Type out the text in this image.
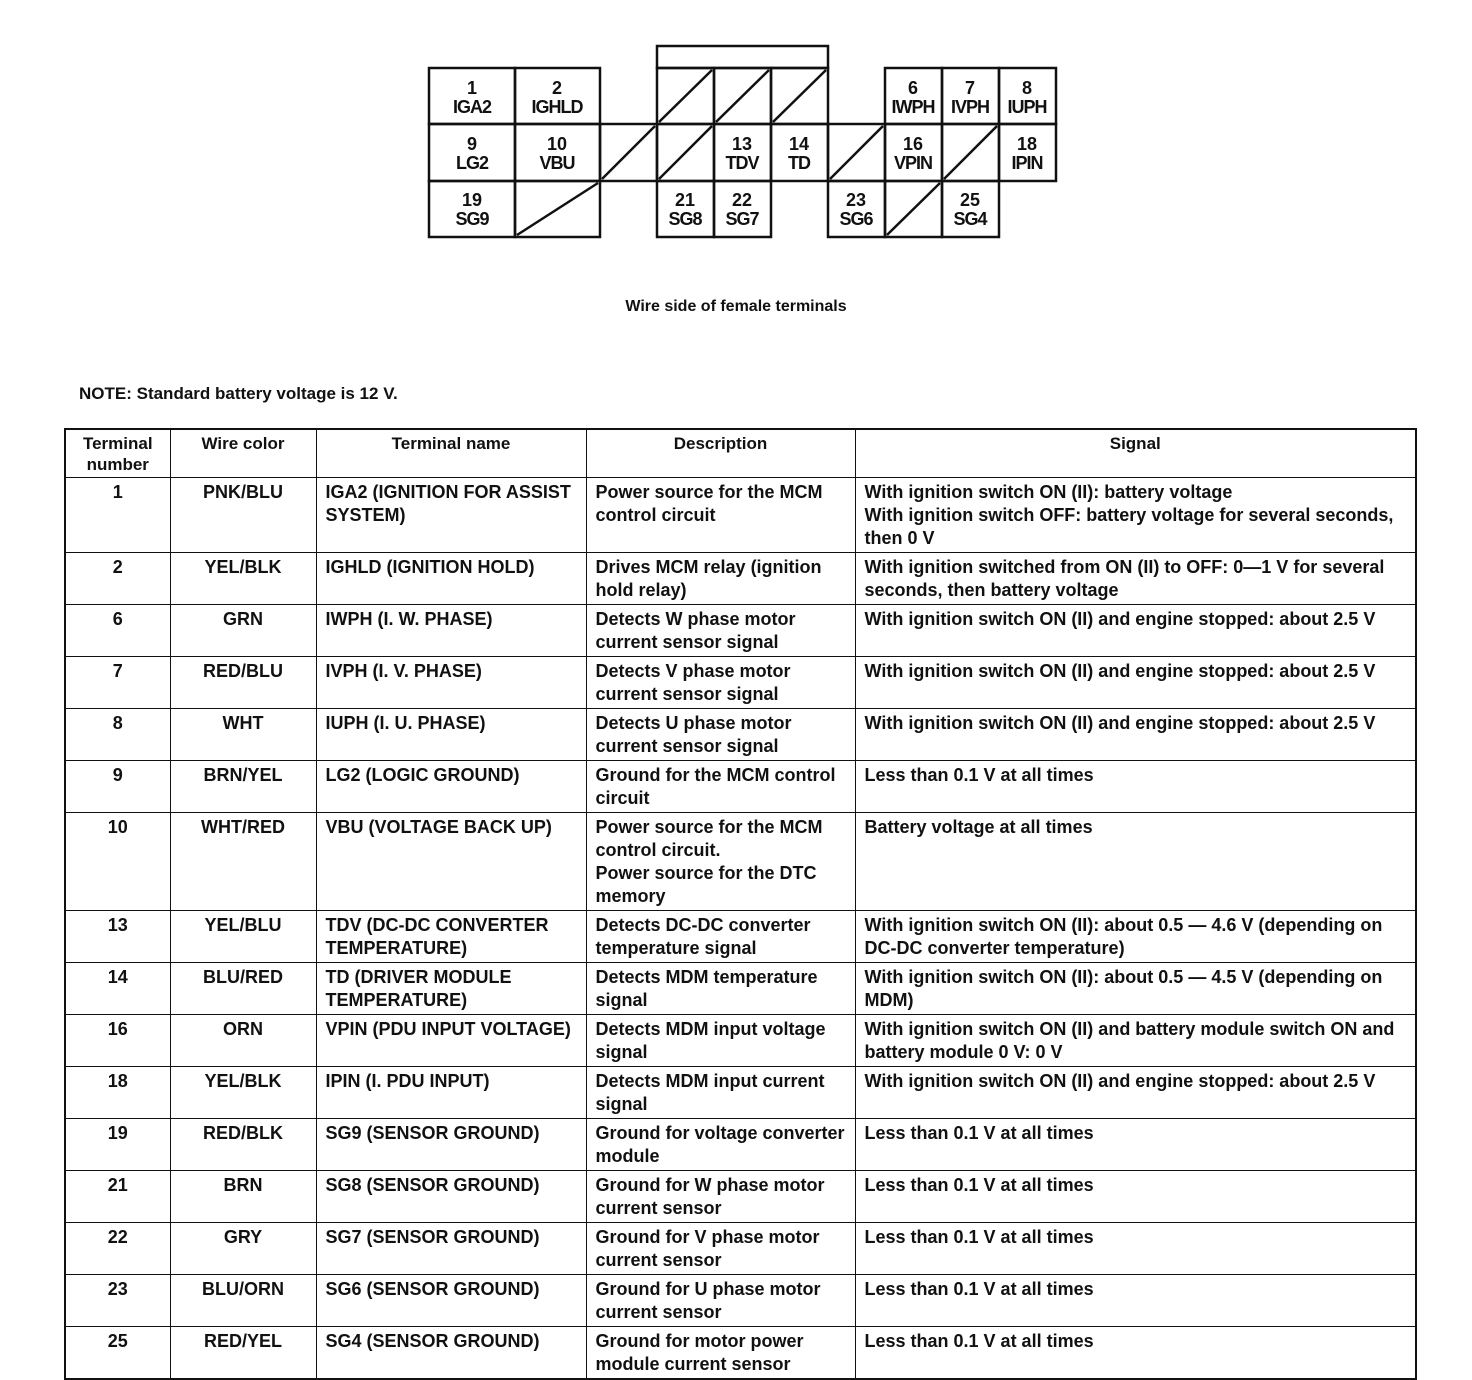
1
IGA2
2
IGHLD
6
IWPH
7
IVPH
8
IUPH
9
LG2
10
VBU
13
TDV
14
TD
16
VPIN
18
IPIN
19
SG9
21
SG8
22
SG7
23
SG6
25
SG4
Wire side of female terminals
NOTE: Standard battery voltage is 12 V.
Terminal number	Wire color	Terminal name	Description	Signal
1	PNK/BLU	IGA2 (IGNITION FOR ASSIST SYSTEM)	Power source for the MCM control circuit	With ignition switch ON (II): battery voltage
With ignition switch OFF: battery voltage for several seconds, then 0 V
2	YEL/BLK	IGHLD (IGNITION HOLD)	Drives MCM relay (ignition hold relay)	With ignition switched from ON (II) to OFF: 0—1 V for several seconds, then battery voltage
6	GRN	IWPH (I. W. PHASE)	Detects W phase motor current sensor signal	With ignition switch ON (II) and engine stopped: about 2.5 V
7	RED/BLU	IVPH (I. V. PHASE)	Detects V phase motor current sensor signal	With ignition switch ON (II) and engine stopped: about 2.5 V
8	WHT	IUPH (I. U. PHASE)	Detects U phase motor current sensor signal	With ignition switch ON (II) and engine stopped: about 2.5 V
9	BRN/YEL	LG2 (LOGIC GROUND)	Ground for the MCM control circuit	Less than 0.1 V at all times
10	WHT/RED	VBU (VOLTAGE BACK UP)	Power source for the MCM control circuit.
Power source for the DTC memory	Battery voltage at all times
13	YEL/BLU	TDV (DC-DC CONVERTER TEMPERATURE)	Detects DC-DC converter temperature signal	With ignition switch ON (II): about 0.5 — 4.6 V (depending on DC-DC converter temperature)
14	BLU/RED	TD (DRIVER MODULE TEMPERATURE)	Detects MDM temperature signal	With ignition switch ON (II): about 0.5 — 4.5 V (depending on MDM)
16	ORN	VPIN (PDU INPUT VOLTAGE)	Detects MDM input voltage signal	With ignition switch ON (II) and battery module switch ON and battery module 0 V: 0 V
18	YEL/BLK	IPIN (I. PDU INPUT)	Detects MDM input current signal	With ignition switch ON (II) and engine stopped: about 2.5 V
19	RED/BLK	SG9 (SENSOR GROUND)	Ground for voltage converter module	Less than 0.1 V at all times
21	BRN	SG8 (SENSOR GROUND)	Ground for W phase motor current sensor	Less than 0.1 V at all times
22	GRY	SG7 (SENSOR GROUND)	Ground for V phase motor current sensor	Less than 0.1 V at all times
23	BLU/ORN	SG6 (SENSOR GROUND)	Ground for U phase motor current sensor	Less than 0.1 V at all times
25	RED/YEL	SG4 (SENSOR GROUND)	Ground for motor power module current sensor	Less than 0.1 V at all times
